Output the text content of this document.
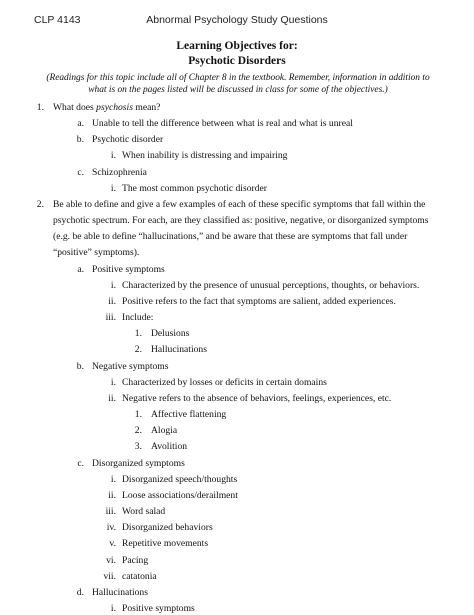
CLP 4143	Abnormal Psychology Study Questions
Learning Objectives for:
Psychotic Disorders
(Readings for this topic include all of Chapter 8 in the textbook. Remember, information in addition to
what is on the pages listed will be discussed in class for some of the objectives.)
1. What does psychosis mean?
a. Unable to tell the difference between what is real and what is unreal
b. Psychotic disorder
i. When inability is distressing and impairing
c. Schizophrenia
i. The most common psychotic disorder
2. Be able to define and give a few examples of each of these specific symptoms that fall within the
psychotic spectrum. For each, are they classified as: positive, negative, or disorganized symptoms
(e.g. be able to define “hallucinations,” and be aware that these are symptoms that fall under
“positive” symptoms).
a. Positive symptoms
i. Characterized by the presence of unusual perceptions, thoughts, or behaviors.
ii. Positive refers to the fact that symptoms are salient, added experiences.
iii. Include:
1. Delusions
2. Hallucinations
b. Negative symptoms
i. Characterized by losses or deficits in certain domains
ii. Negative refers to the absence of behaviors, feelings, experiences, etc.
1. Affective flattening
2. Alogia
3. Avolition
c. Disorganized symptoms
i. Disorganized speech/thoughts
ii. Loose associations/derailment
iii. Word salad
iv. Disorganized behaviors
v. Repetitive movements
vi. Pacing
vii. catatonia
d. Hallucinations
i. Positive symptoms
